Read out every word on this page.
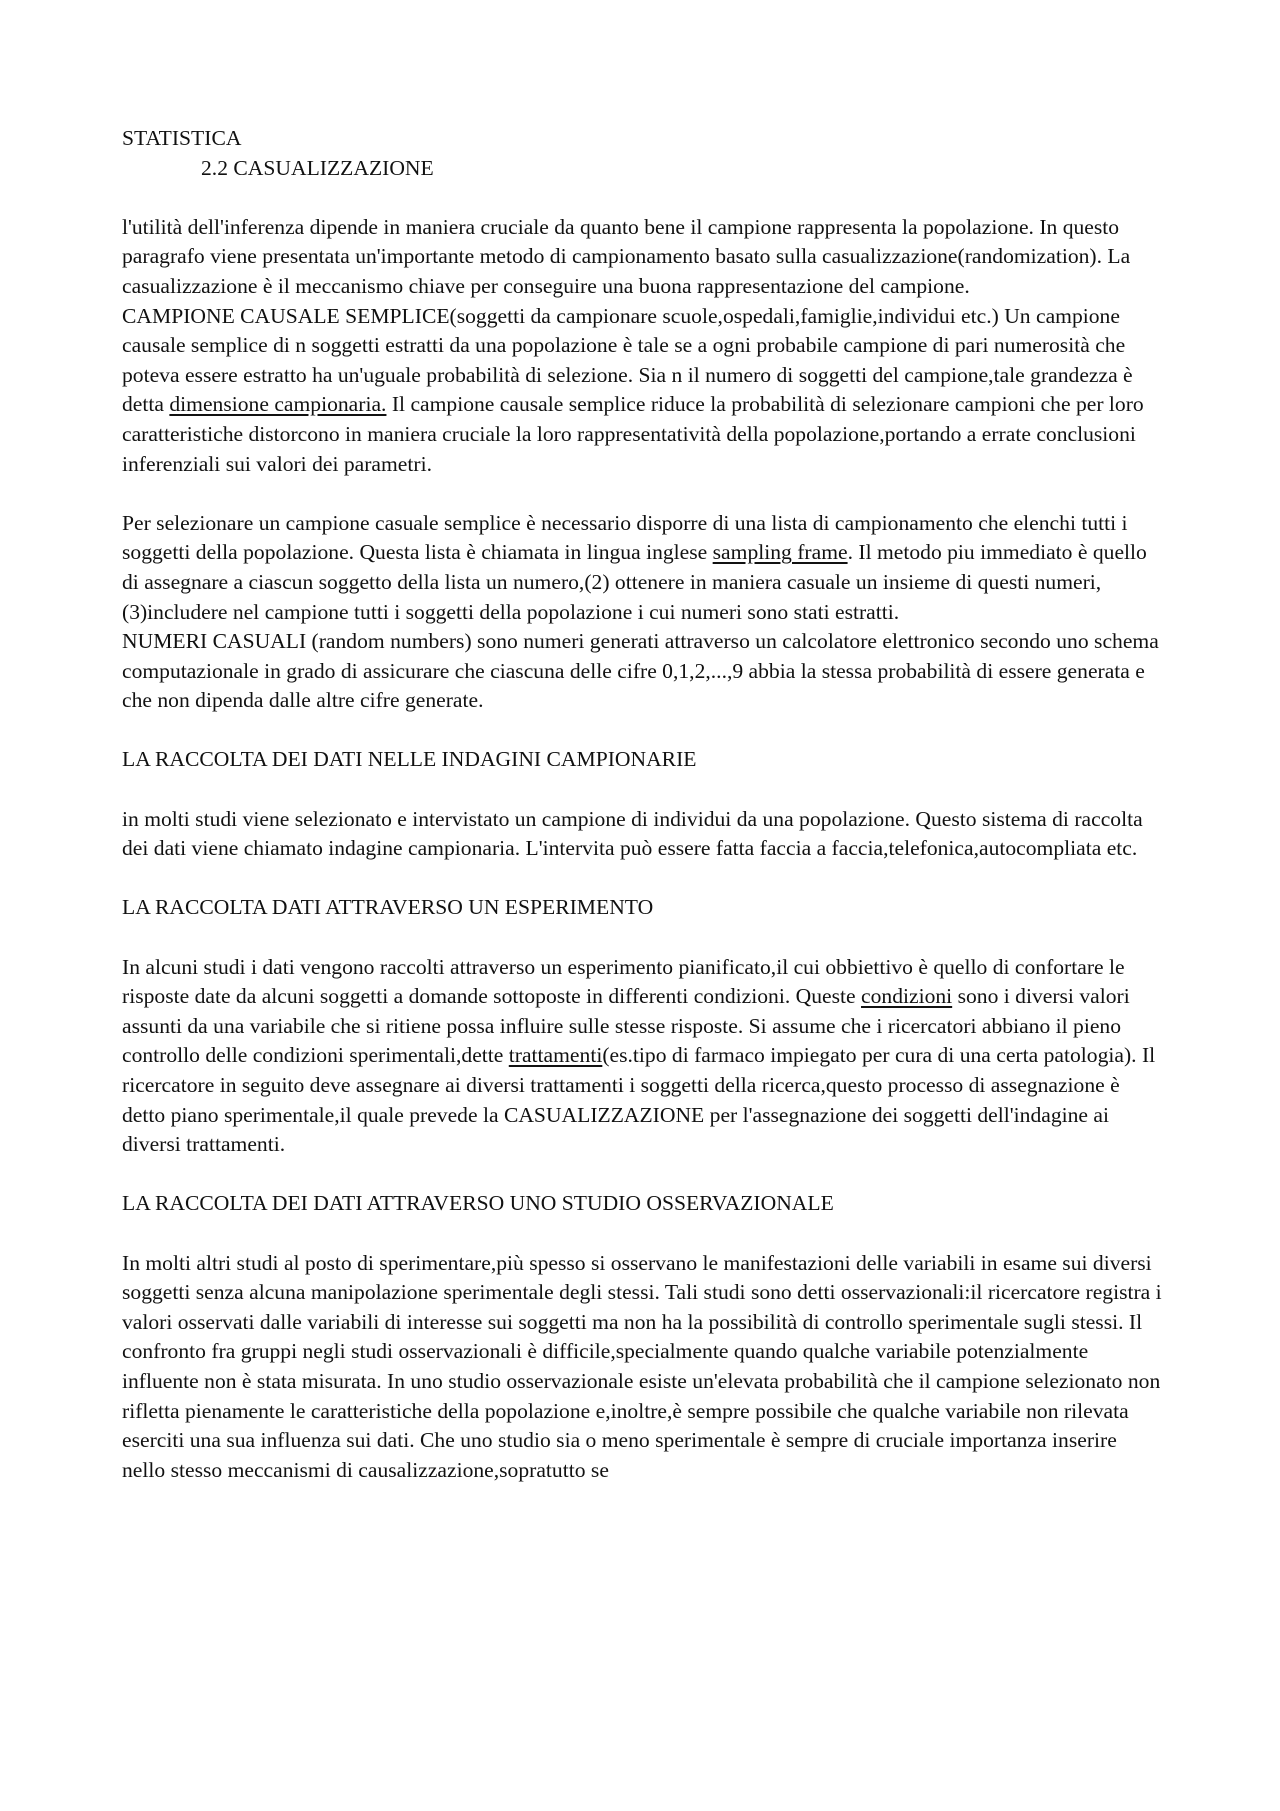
STATISTICA

2.2 CASUALIZZAZIONE

l'utilità dell'inferenza dipende in maniera cruciale da quanto bene il campione rappresenta la popolazione. In questo paragrafo viene presentata un'importante metodo di campionamento basato sulla casualizzazione(randomization). La casualizzazione è il meccanismo chiave per conseguire una buona rappresentazione del campione.

CAMPIONE CAUSALE SEMPLICE(soggetti da campionare scuole,ospedali,famiglie,individui etc.) Un campione causale semplice di n soggetti estratti da una popolazione è tale se a ogni probabile campione di pari numerosità che poteva essere estratto ha un'uguale probabilità di selezione. Sia n il numero di soggetti del campione,tale grandezza è detta dimensione campionaria. Il campione causale semplice riduce la probabilità di selezionare campioni che per loro caratteristiche distorcono in maniera cruciale la loro rappresentatività della popolazione,portando a errate conclusioni inferenziali sui valori dei parametri.

Per selezionare un campione casuale semplice è necessario disporre di una lista di campionamento che elenchi tutti i soggetti della popolazione. Questa lista è chiamata in lingua inglese sampling frame. Il metodo piu immediato è quello di assegnare a ciascun soggetto della lista un numero,(2) ottenere in maniera casuale un insieme di questi numeri,(3)includere nel campione tutti i soggetti della popolazione i cui numeri sono stati estratti.

NUMERI CASUALI (random numbers) sono numeri generati attraverso un calcolatore elettronico secondo uno schema computazionale in grado di assicurare che ciascuna delle cifre 0,1,2,...,9 abbia la stessa probabilità di essere generata e che non dipenda dalle altre cifre generate.

LA RACCOLTA DEI DATI NELLE INDAGINI CAMPIONARIE

in molti studi viene selezionato e intervistato un campione di individui da una popolazione. Questo sistema di raccolta dei dati viene chiamato indagine campionaria. L'intervita può essere fatta faccia a faccia,telefonica,autocompliata etc.

LA RACCOLTA DATI ATTRAVERSO UN ESPERIMENTO

In alcuni studi i dati vengono raccolti attraverso un esperimento pianificato,il cui obbiettivo è quello di confortare le risposte date da alcuni soggetti a domande sottoposte in differenti condizioni. Queste condizioni sono i diversi valori assunti da una variabile che si ritiene possa influire sulle stesse risposte. Si assume che i ricercatori abbiano il pieno controllo delle condizioni sperimentali,dette trattamenti(es.tipo di farmaco impiegato per cura di una certa patologia). Il ricercatore in seguito deve assegnare ai diversi trattamenti i soggetti della ricerca,questo processo di assegnazione è detto piano sperimentale,il quale prevede la CASUALIZZAZIONE per l'assegnazione dei soggetti dell'indagine ai diversi trattamenti.

LA RACCOLTA DEI DATI ATTRAVERSO UNO STUDIO OSSERVAZIONALE

In molti altri studi al posto di sperimentare,più spesso si osservano le manifestazioni delle variabili in esame sui diversi soggetti senza alcuna manipolazione sperimentale degli stessi. Tali studi sono detti osservazionali:il ricercatore registra i valori osservati dalle variabili di interesse sui soggetti ma non ha la possibilità di controllo sperimentale sugli stessi. Il confronto fra gruppi negli studi osservazionali è difficile,specialmente quando qualche variabile potenzialmente influente non è stata misurata. In uno studio osservazionale esiste un'elevata probabilità che il campione selezionato non rifletta pienamente le caratteristiche della popolazione e,inoltre,è sempre possibile che qualche variabile non rilevata eserciti una sua influenza sui dati. Che uno studio sia o meno sperimentale è sempre di cruciale importanza inserire nello stesso meccanismi di causalizzazione,sopratutto se
